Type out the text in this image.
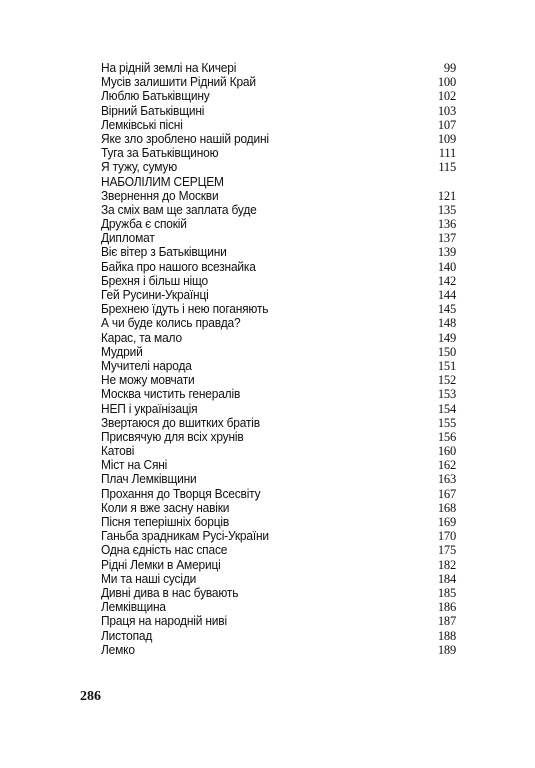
На рідній землі на Кичері	99
Мусів залишити Рідний Край	100
Люблю Батьківщину	102
Вірний Батьківщині	103
Лемківські пісні	107
Яке зло зроблено нашій родині	109
Туга за Батьківщиною	111
Я тужу, сумую	115
НАБОЛІЛИМ СЕРЦЕМ
Звернення до Москви	121
За сміх вам ще заплата буде	135
Дружба є спокій	136
Дипломат	137
Віє вітер з Батьківщини	139
Байка про нашого всезнайка	140
Брехня і більш ніщо	142
Гей Русини-Українці	144
Брехнею їдуть і нею поганяють	145
А чи буде колись правда?	148
Карас, та мало	149
Мудрий	150
Мучителі народа	151
Не можу мовчати	152
Москва чистить генералів	153
НЕП і українізація	154
Звертаюся до вшитких братів	155
Присвячую для всіх хрунів	156
Катові	160
Міст на Сяні	162
Плач Лемківщини	163
Прохання до Творця Всесвіту	167
Коли я вже засну навіки	168
Пісня теперішніх борців	169
Ганьба зрадникам Русі-України	170
Одна єдність нас спасе	175
Рідні Лемки в Америці	182
Ми та наші сусіди	184
Дивні дива в нас бувають	185
Лемківщина	186
Праця на народній ниві	187
Листопад	188
Лемко	189
286
